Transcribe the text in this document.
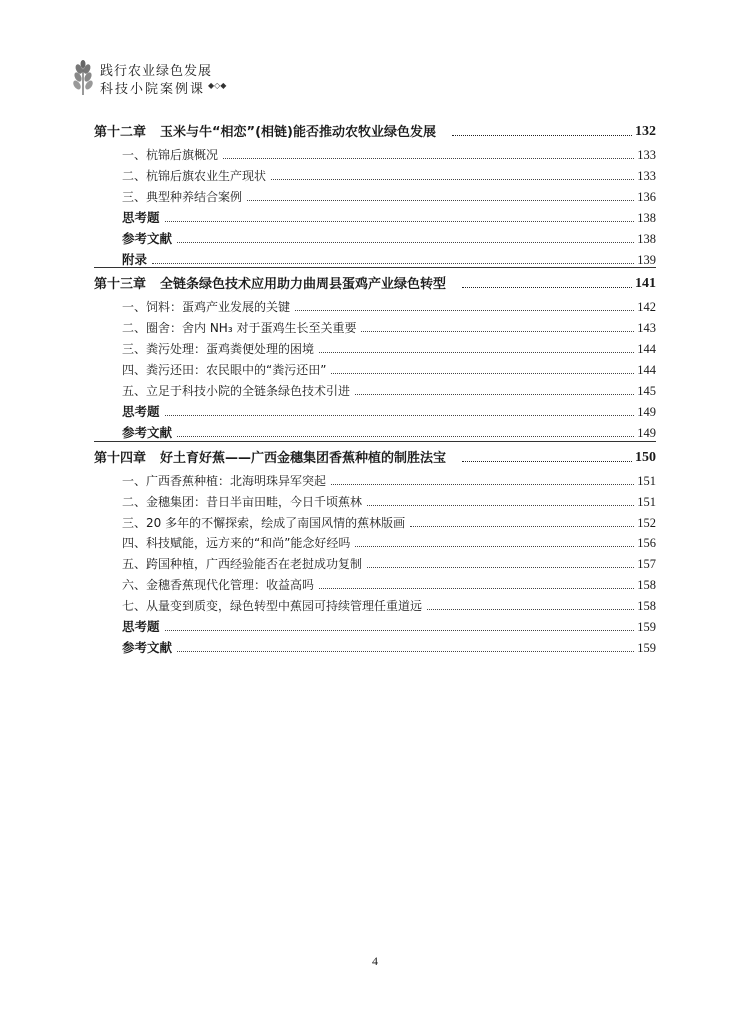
践行农业绿色发展
科技小院案例课 ◆◇◆
第十二章 玉米与牛“相恋”(相链)能否推动农牧业绿色发展	132
一、杭锦后旗概况	133
二、杭锦后旗农业生产现状	133
三、典型种养结合案例	136
思考题	138
参考文献	138
附录	139
第十三章 全链条绿色技术应用助力曲周县蛋鸡产业绿色转型	141
一、饲料：蛋鸡产业发展的关键	142
二、圈舍：舍内 NH₃ 对于蛋鸡生长至关重要	143
三、粪污处理：蛋鸡粪便处理的困境	144
四、粪污还田：农民眼中的“粪污还田”	144
五、立足于科技小院的全链条绿色技术引进	145
思考题	149
参考文献	149
第十四章 好土育好蕉——广西金穗集团香蕉种植的制胜法宝	150
一、广西香蕉种植：北海明珠异军突起	151
二、金穗集团：昔日半亩田畦，今日千顷蕉林	151
三、20 多年的不懈探索，绘成了南国风情的蕉林版画	152
四、科技赋能，远方来的“和尚”能念好经吗	156
五、跨国种植，广西经验能否在老挝成功复制	157
六、金穗香蕉现代化管理：收益高吗	158
七、从量变到质变，绿色转型中蕉园可持续管理任重道远	158
思考题	159
参考文献	159
4
